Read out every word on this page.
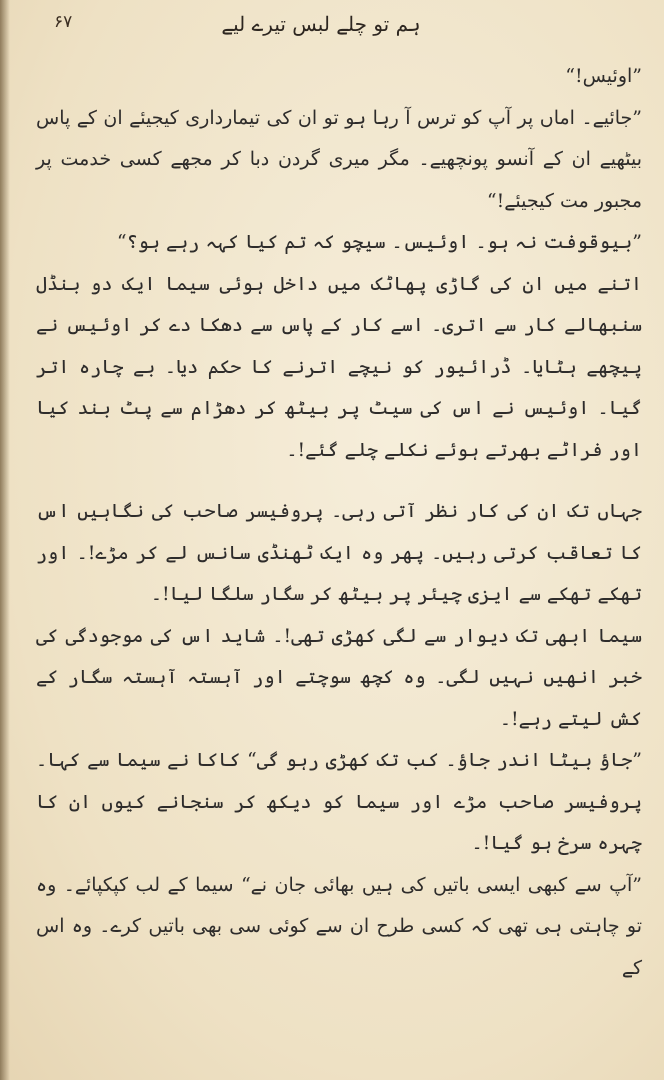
۶۷	ہم تو چلے لبس تیرے لیے

”اوئیس!“

”جائیے۔ اماں پر آپ کو ترس آ رہا ہو تو ان کی تیمارداری کیجیئے ان کے پاس بیٹھیے ان کے آنسو پونچھیے۔ مگر میری گردن دبا کر مجھے کسی خدمت پر مجبور مت کیجیئے!“

”بیوقوفت نہ ہو۔ اوئیس۔ سیچو کہ تم کیا کہہ رہے ہو؟“

اتنے میں ان کی گاڑی پھاٹک میں داخل ہوئی سیما ایک دو بنڈل سنبھالے کار سے اتری۔ اسے کار کے پاس سے دھکا دے کر اوئیس نے پیچھے ہٹایا۔ ڈرائیور کو نیچے اترنے کا حکم دیا۔ بے چارہ اتر گیا۔ اوئیس نے اس کی سیٹ پر بیٹھ کر دھڑام سے پٹ بند کیا اور فراٹے بھرتے ہوئے نکلے چلے گئے!۔

جہاں تک ان کی کار نظر آتی رہی۔ پروفیسر صاحب کی نگاہیں اس کا تعاقب کرتی رہیں۔ پھر وہ ایک ٹھنڈی سانس لے کر مڑے!۔ اور تھکے تھکے سے ایزی چیئر پر بیٹھ کر سگار سلگا لیا!۔

سیما ابھی تک دیوار سے لگی کھڑی تھی!۔ شاید اس کی موجودگی کی خبر انھیں نہیں لگی۔ وہ کچھ سوچتے اور آہستہ آہستہ سگار کے کش لیتے رہے!۔

”جاؤ بیٹا اندر جاؤ۔ کب تک کھڑی رہو گی“ کاکا نے سیما سے کہا۔ پروفیسر صاحب مڑے اور سیما کو دیکھ کر سنجانے کیوں ان کا چہرہ سرخ ہو گیا!۔

”آپ سے کبھی ایسی باتیں کی ہیں بھائی جان نے“ سیما کے لب کپکپائے۔ وہ تو چاہتی ہی تھی کہ کسی طرح ان سے کوئی سی بھی باتیں کرے۔ وہ اس کے
